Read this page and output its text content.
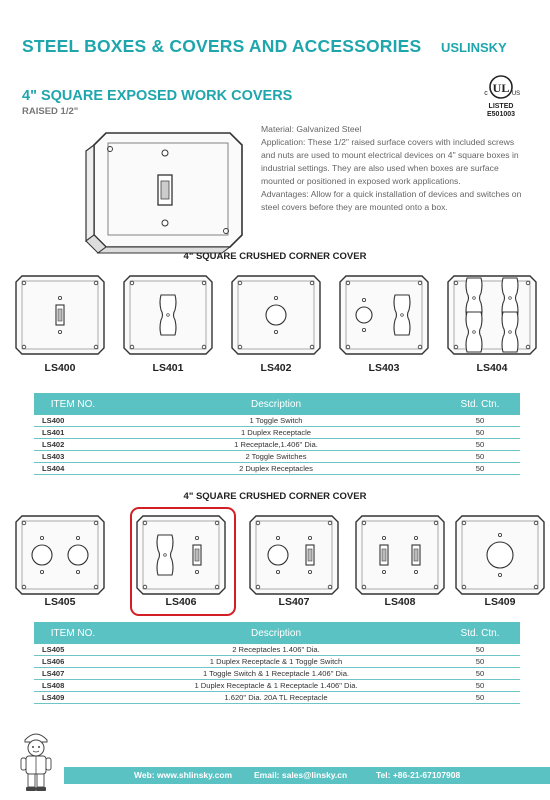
STEEL BOXES & COVERS AND ACCESSORIES USLINSKY
4" SQUARE EXPOSED WORK COVERS
RAISED 1/2"
UL
c	US
LISTED
E501003

Material: Galvanized Steel

Application: These 1/2" raised surface covers with included screws and nuts are used to mount electrical devices on 4" square boxes in industrial settings. They are also used when boxes are surface mounted or positioned in exposed work applications.

Advantages: Allow for a quick installation of devices and switches on steel covers before they are mounted onto a box.

4" SQUARE CRUSHED CORNER COVER
LS400	LS401	LS402	LS403	LS404
ITEM NO.	Description	Std. Ctn.
LS400	1 Toggle Switch	50
LS401	1 Duplex Receptacle	50
LS402	1 Receptacle,1.406" Dia.	50
LS403	2 Toggle Switches	50
LS404	2 Duplex Receptacles	50
4" SQUARE CRUSHED CORNER COVER
LS405	LS406	LS407	LS408	LS409
ITEM NO.	Description	Std. Ctn.
LS405	2 Receptacles 1.406" Dia.	50
LS406	1 Duplex Receptacle & 1 Toggle Switch	50
LS407	1 Toggle Switch & 1 Receptacle 1.406" Dia.	50
LS408	1 Duplex Receptacle & 1 Receptacle 1.406" Dia.	50
LS409	1.620" Dia. 20A TL Receptacle	50
Web: www.shlinsky.com	Email: sales@linsky.cn	Tel: +86-21-67107908
